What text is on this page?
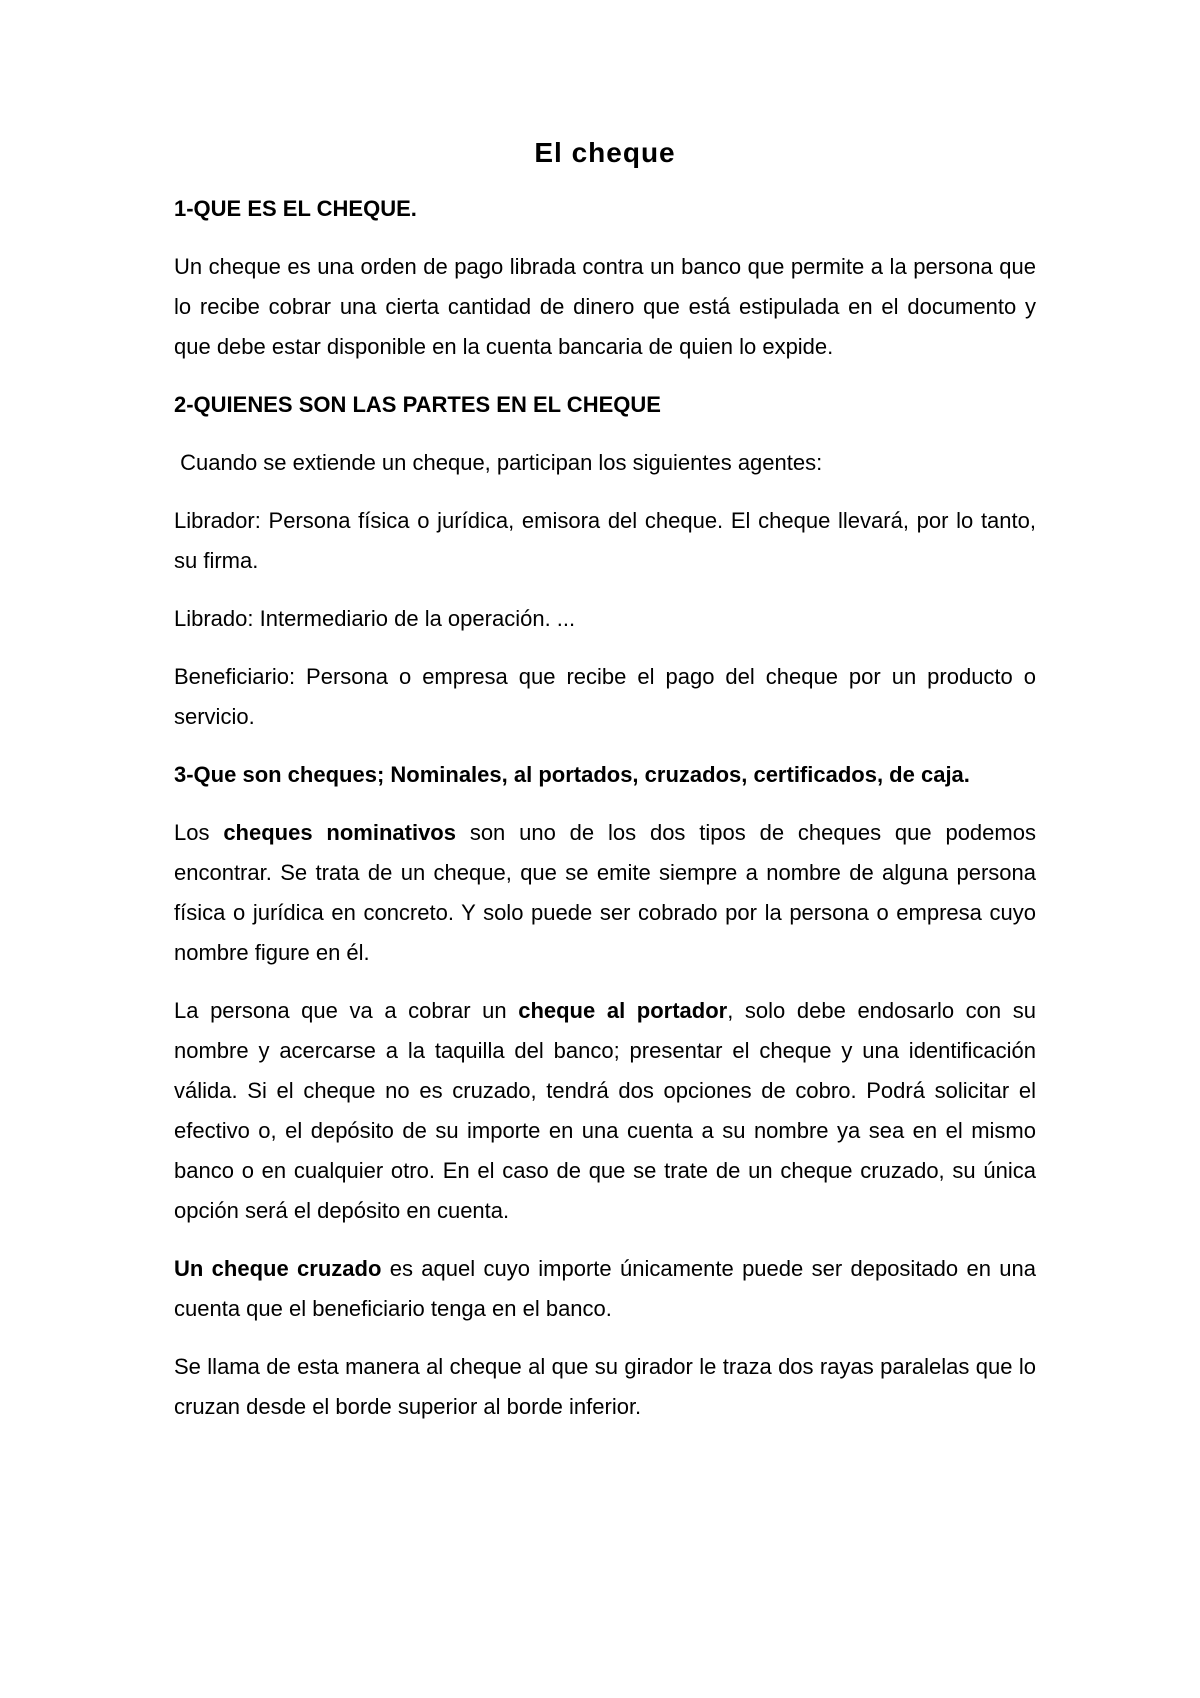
El cheque
1-QUE ES EL CHEQUE.

Un cheque es una orden de pago librada contra un banco que permite a la persona que lo recibe cobrar una cierta cantidad de dinero que está estipulada en el documento y que debe estar disponible en la cuenta bancaria de quien lo expide.

2-QUIENES SON LAS PARTES EN EL CHEQUE

Cuando se extiende un cheque, participan los siguientes agentes:

Librador: Persona física o jurídica, emisora del cheque. El cheque llevará, por lo tanto, su firma.

Librado: Intermediario de la operación. ...

Beneficiario: Persona o empresa que recibe el pago del cheque por un producto o servicio.

3-Que son cheques; Nominales, al portados, cruzados, certificados, de caja.

Los cheques nominativos son uno de los dos tipos de cheques que podemos encontrar. Se trata de un cheque, que se emite siempre a nombre de alguna persona física o jurídica en concreto. Y solo puede ser cobrado por la persona o empresa cuyo nombre figure en él.

La persona que va a cobrar un cheque al portador, solo debe endosarlo con su nombre y acercarse a la taquilla del banco; presentar el cheque y una identificación válida. Si el cheque no es cruzado, tendrá dos opciones de cobro. Podrá solicitar el efectivo o, el depósito de su importe en una cuenta a su nombre ya sea en el mismo banco o en cualquier otro. En el caso de que se trate de un cheque cruzado, su única opción será el depósito en cuenta.

Un cheque cruzado es aquel cuyo importe únicamente puede ser depositado en una cuenta que el beneficiario tenga en el banco.

Se llama de esta manera al cheque al que su girador le traza dos rayas paralelas que lo cruzan desde el borde superior al borde inferior.
